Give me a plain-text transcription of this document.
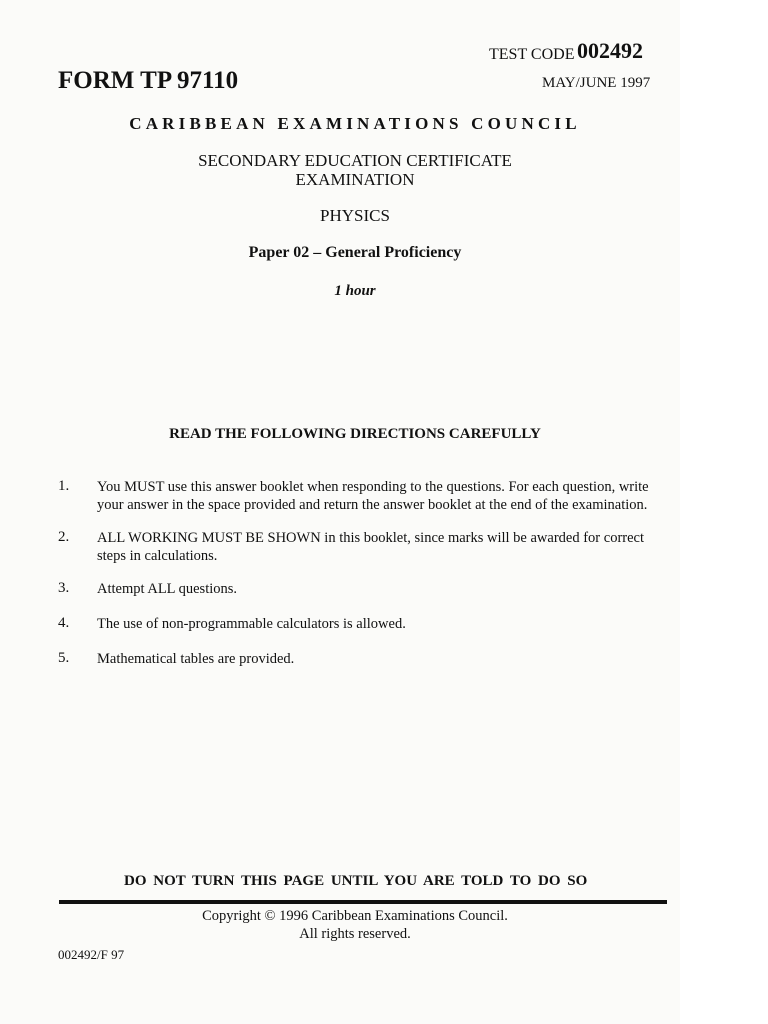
TEST CODE 002492
FORM TP 97110	MAY/JUNE 1997
CARIBBEAN EXAMINATIONS COUNCIL
SECONDARY EDUCATION CERTIFICATE
EXAMINATION
PHYSICS
Paper 02 – General Proficiency
1 hour
READ THE FOLLOWING DIRECTIONS CAREFULLY
1. You MUST use this answer booklet when responding to the questions. For each question, write your answer in the space provided and return the answer booklet at the end of the examination.
2. ALL WORKING MUST BE SHOWN in this booklet, since marks will be awarded for correct steps in calculations.
3. Attempt ALL questions.
4. The use of non-programmable calculators is allowed.
5. Mathematical tables are provided.
DO NOT TURN THIS PAGE UNTIL YOU ARE TOLD TO DO SO
Copyright © 1996 Caribbean Examinations Council.
All rights reserved.
002492/F 97
